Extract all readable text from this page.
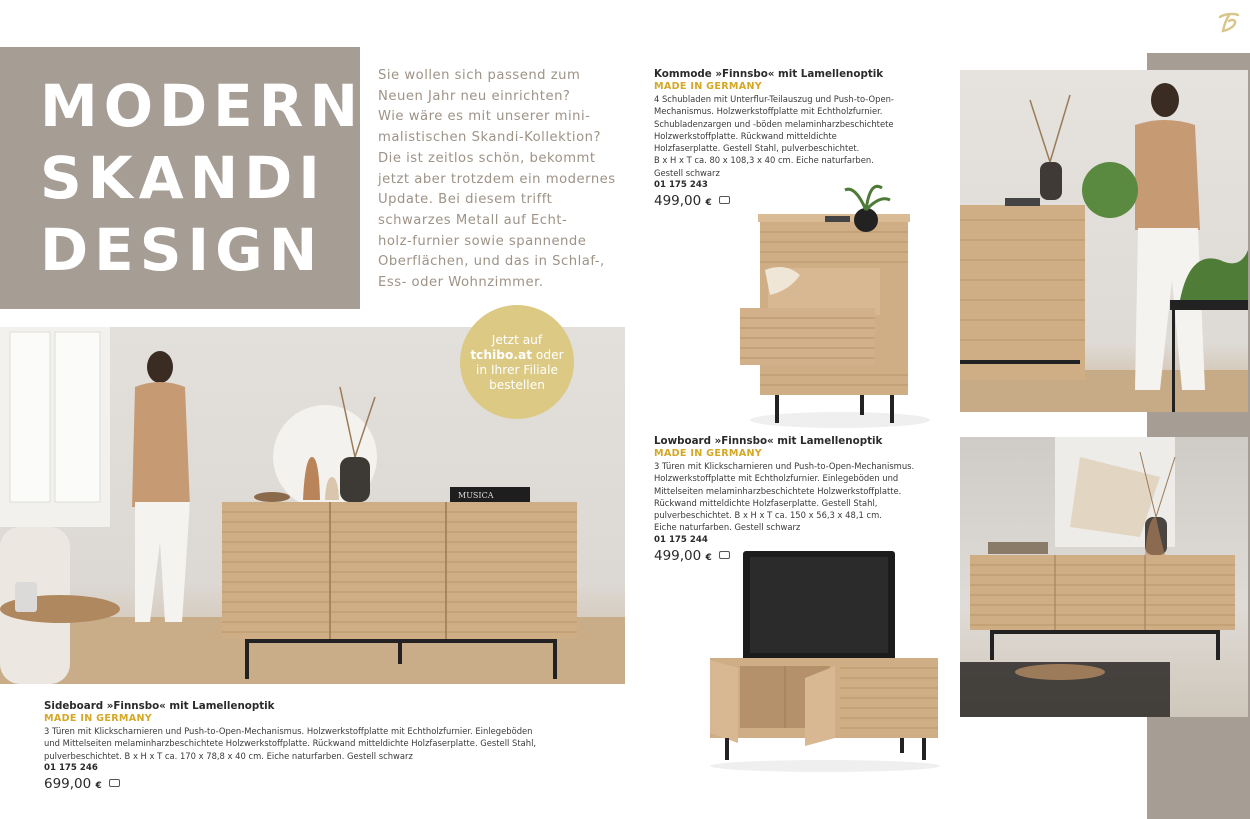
MODERN
SKANDI
DESIGN
Sie wollen sich passend zum
Neuen Jahr neu einrichten?
Wie wäre es mit unserer mini-
malistischen Skandi-Kollektion?
Die ist zeitlos schön, bekommt
jetzt aber trotzdem ein modernes
Update. Bei diesem trifft
schwarzes Metall auf Echt-
holz-furnier sowie spannende
Oberflächen, und das in Schlaf-,
Ess- oder Wohnzimmer.
MUSICA
Jetzt auf
tchibo.at oder
in Ihrer Filiale
bestellen
Kommode »Finnsbo« mit Lamellenoptik
MADE IN GERMANY
4 Schubladen mit Unterflur-Teilauszug und Push-to-Open-
Mechanismus. Holzwerkstoffplatte mit Echtholzfurnier.
Schubladenzargen und -böden melaminharzbeschichtete
Holzwerkstoffplatte. Rückwand mitteldichte
Holzfaserplatte. Gestell Stahl, pulverbeschichtet.
B x H x T ca. 80 x 108,3 x 40 cm. Eiche naturfarben.
Gestell schwarz
01 175 243
499,00 €
Lowboard »Finnsbo« mit Lamellenoptik
MADE IN GERMANY
3 Türen mit Klickscharnieren und Push-to-Open-Mechanismus.
Holzwerkstoffplatte mit Echtholzfurnier. Einlegeböden und
Mittelseiten melaminharzbeschichtete Holzwerkstoffplatte.
Rückwand mitteldichte Holzfaserplatte. Gestell Stahl,
pulverbeschichtet. B x H x T ca. 150 x 56,3 x 48,1 cm.
Eiche naturfarben. Gestell schwarz
01 175 244
499,00 €
Sideboard »Finnsbo« mit Lamellenoptik
MADE IN GERMANY
3 Türen mit Klickscharnieren und Push-to-Open-Mechanismus. Holzwerkstoffplatte mit Echtholzfurnier. Einlegeböden
und Mittelseiten melaminharzbeschichtete Holzwerkstoffplatte. Rückwand mitteldichte Holzfaserplatte. Gestell Stahl,
pulverbeschichtet. B x H x T ca. 170 x 78,8 x 40 cm. Eiche naturfarben. Gestell schwarz
01 175 246
699,00 €
